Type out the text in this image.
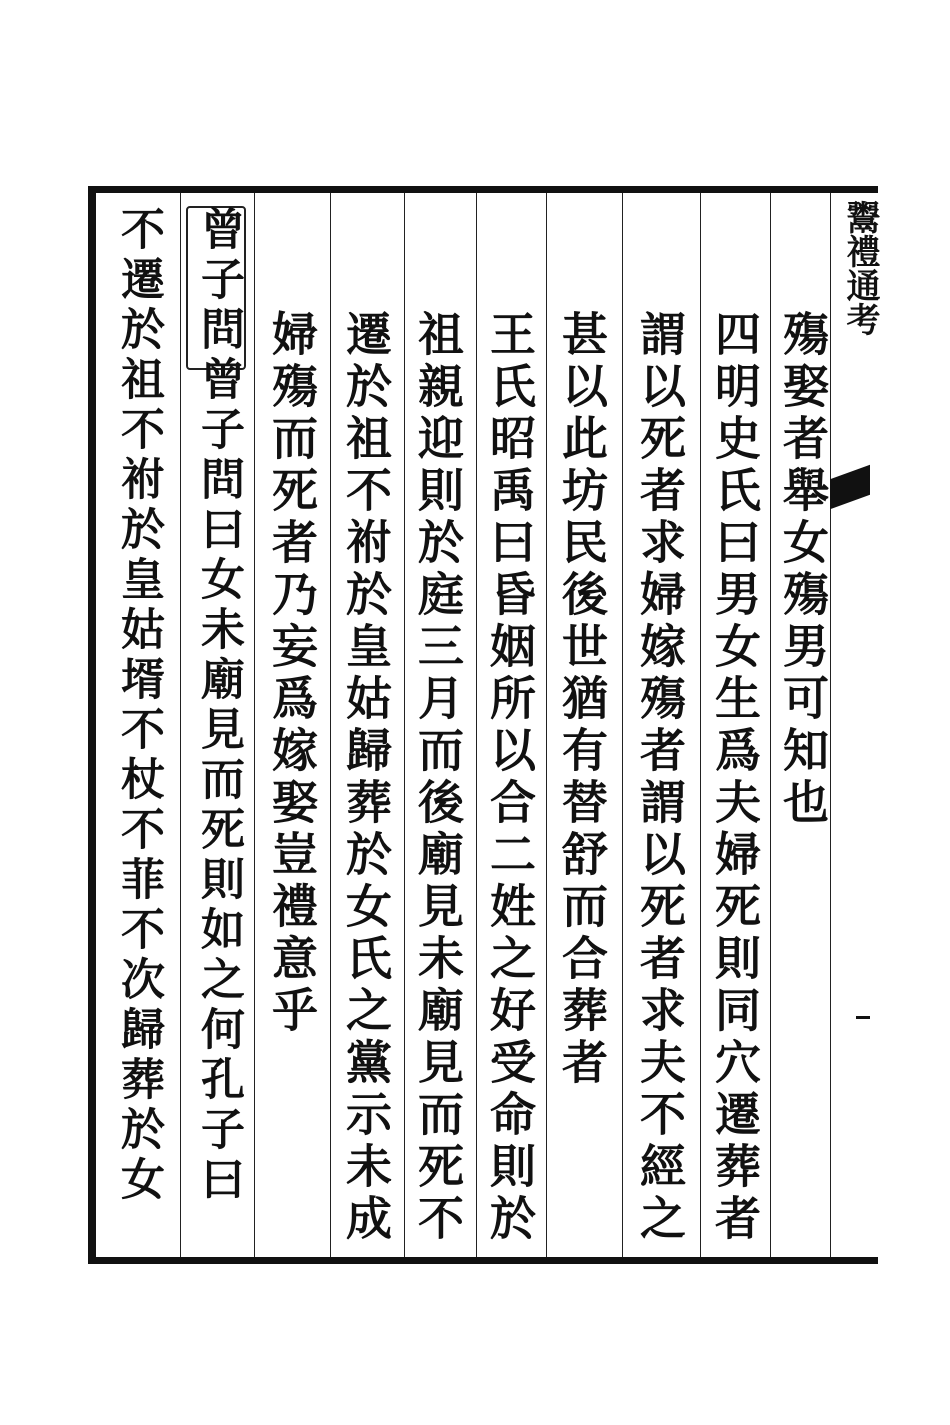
鬻禮通考
殤娶者舉女殤男可知也
四明史氏曰男女生爲夫婦死則同穴遷葬者
謂以死者求婦嫁殤者謂以死者求夫不經之
甚以此坊民後世猶有替舒而合葬者
王氏昭禹曰昏姻所以合二姓之好受命則於
祖親迎則於庭三月而後廟見未廟見而死不
遷於祖不祔於皇姑歸葬於女氏之黨示未成
婦殤而死者乃妄爲嫁娶豈禮意乎
曾子問曾子問曰女未廟見而死則如之何孔子曰
不遷於祖不祔於皇姑壻不杖不菲不次歸葬於女
